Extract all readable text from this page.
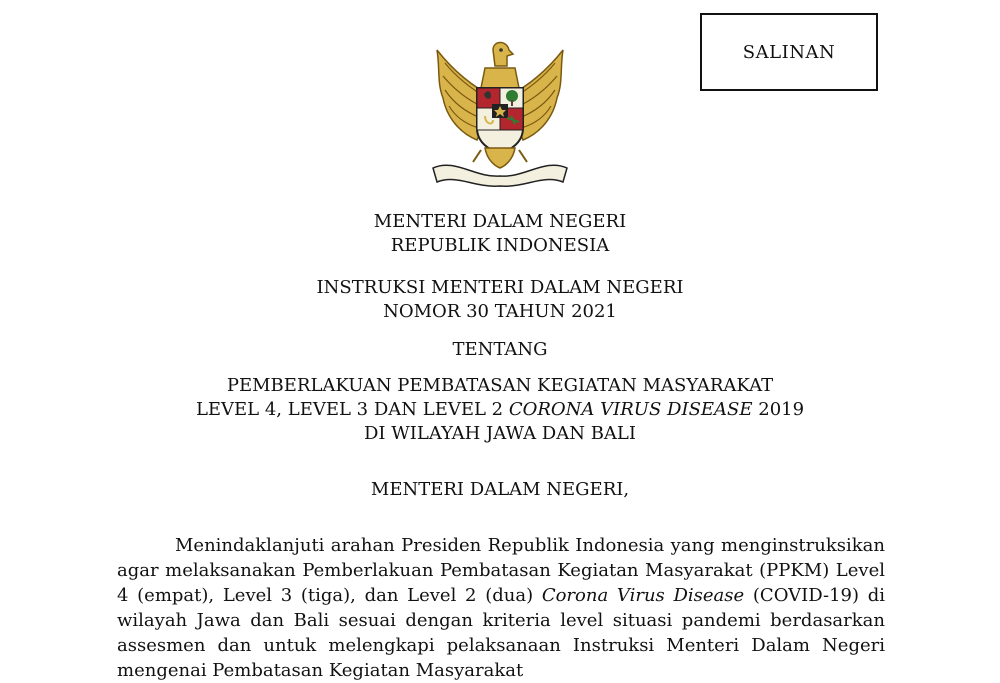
SALINAN
MENTERI DALAM NEGERI
REPUBLIK INDONESIA
INSTRUKSI MENTERI DALAM NEGERI
NOMOR 30 TAHUN 2021
TENTANG
PEMBERLAKUAN PEMBATASAN KEGIATAN MASYARAKAT
LEVEL 4, LEVEL 3 DAN LEVEL 2 CORONA VIRUS DISEASE 2019
DI WILAYAH JAWA DAN BALI
MENTERI DALAM NEGERI,

Menindaklanjuti arahan Presiden Republik Indonesia yang menginstruksikan agar melaksanakan Pemberlakuan Pembatasan Kegiatan Masyarakat (PPKM) Level 4 (empat), Level 3 (tiga), dan Level 2 (dua) Corona Virus Disease (COVID-19) di wilayah Jawa dan Bali sesuai dengan kriteria level situasi pandemi berdasarkan assesmen dan untuk melengkapi pelaksanaan Instruksi Menteri Dalam Negeri mengenai Pembatasan Kegiatan Masyarakat
